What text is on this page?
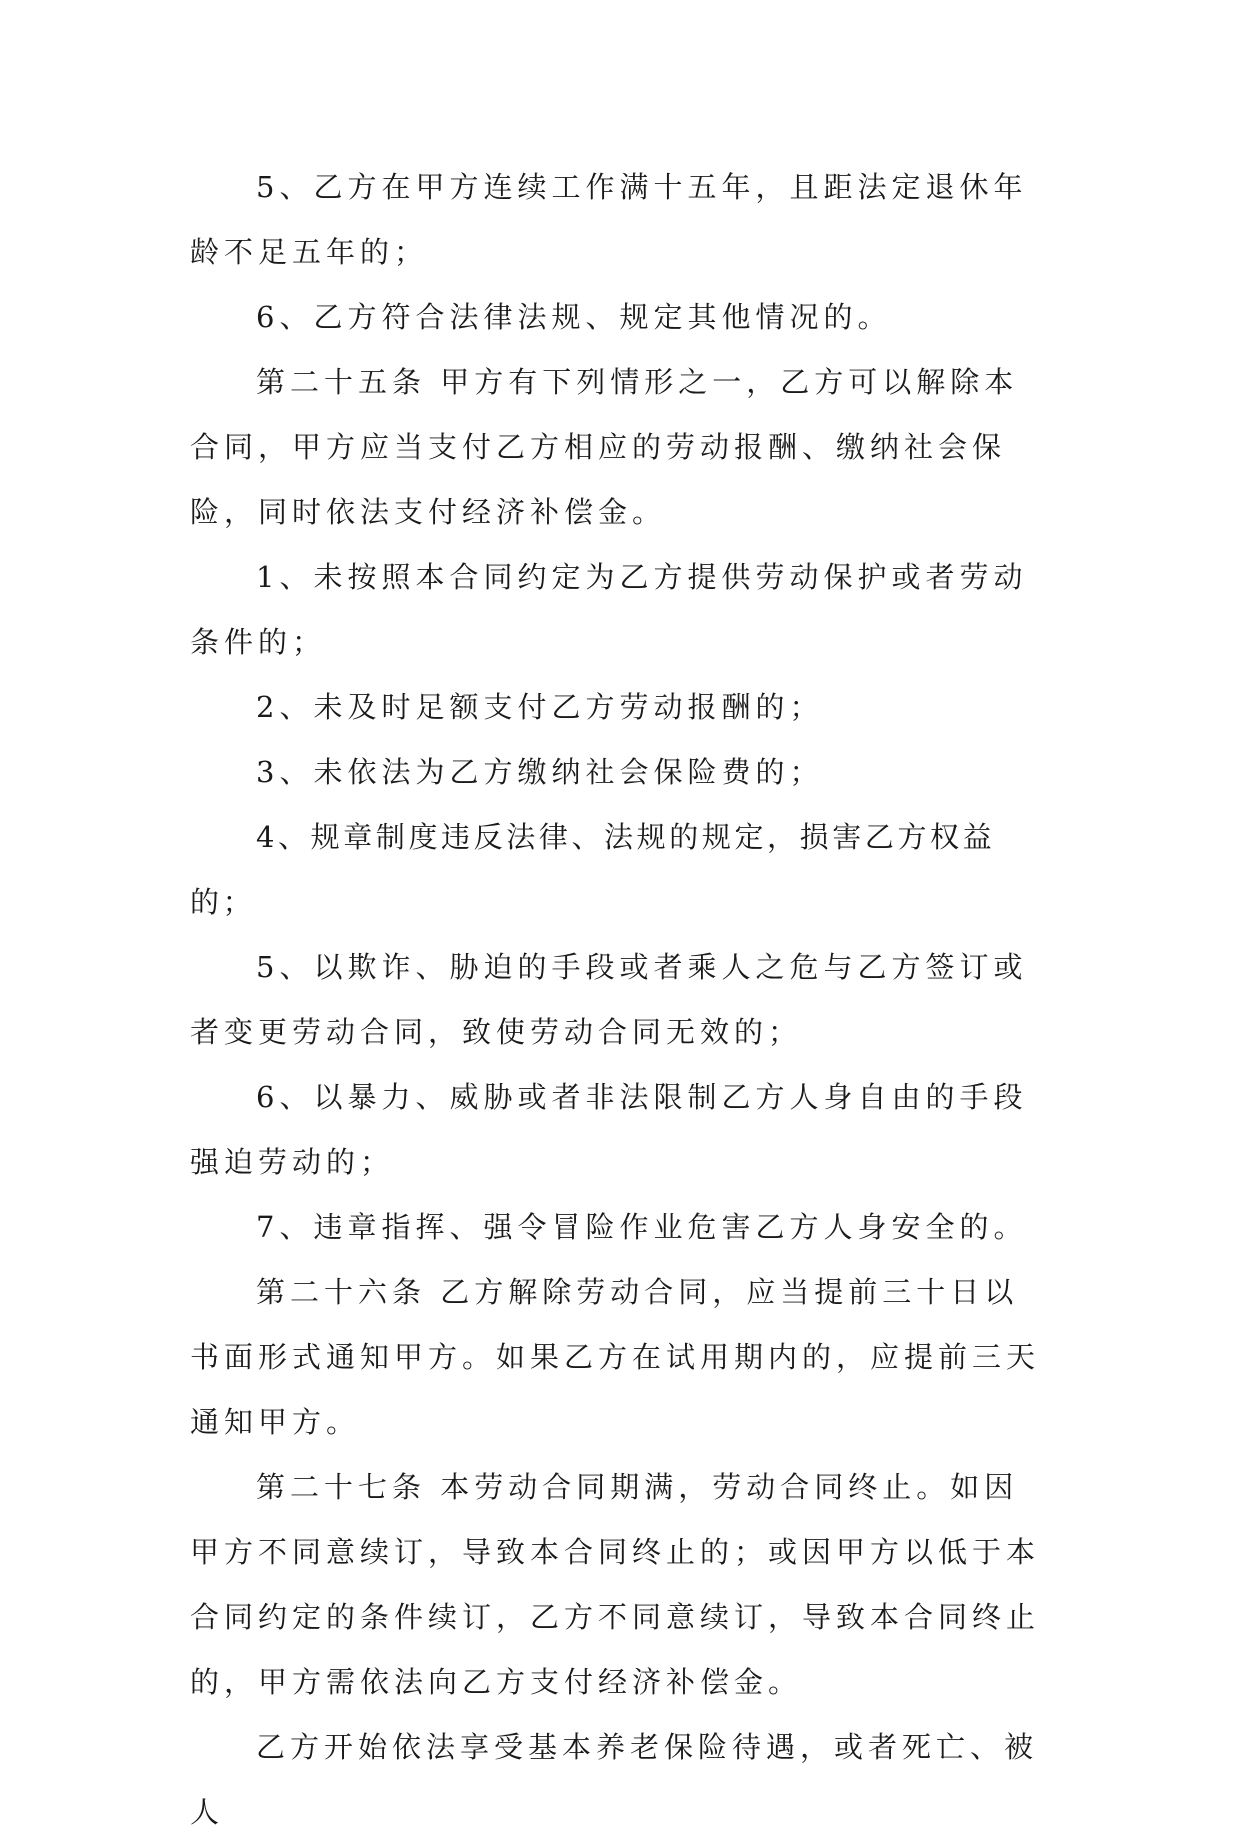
5、乙方在甲方连续工作满十五年，且距法定退休年龄不足五年的；

6、乙方符合法律法规、规定其他情况的。

第二十五条 甲方有下列情形之一，乙方可以解除本合同，甲方应当支付乙方相应的劳动报酬、缴纳社会保险，同时依法支付经济补偿金。

1、未按照本合同约定为乙方提供劳动保护或者劳动条件的；

2、未及时足额支付乙方劳动报酬的；

3、未依法为乙方缴纳社会保险费的；

4、规章制度违反法律、法规的规定，损害乙方权益的；

5、以欺诈、胁迫的手段或者乘人之危与乙方签订或者变更劳动合同，致使劳动合同无效的；

6、以暴力、威胁或者非法限制乙方人身自由的手段强迫劳动的；

7、违章指挥、强令冒险作业危害乙方人身安全的。

第二十六条 乙方解除劳动合同，应当提前三十日以书面形式通知甲方。如果乙方在试用期内的，应提前三天通知甲方。

第二十七条 本劳动合同期满，劳动合同终止。如因甲方不同意续订，导致本合同终止的；或因甲方以低于本合同约定的条件续订，乙方不同意续订，导致本合同终止的，甲方需依法向乙方支付经济补偿金。

乙方开始依法享受基本养老保险待遇，或者死亡、被人
